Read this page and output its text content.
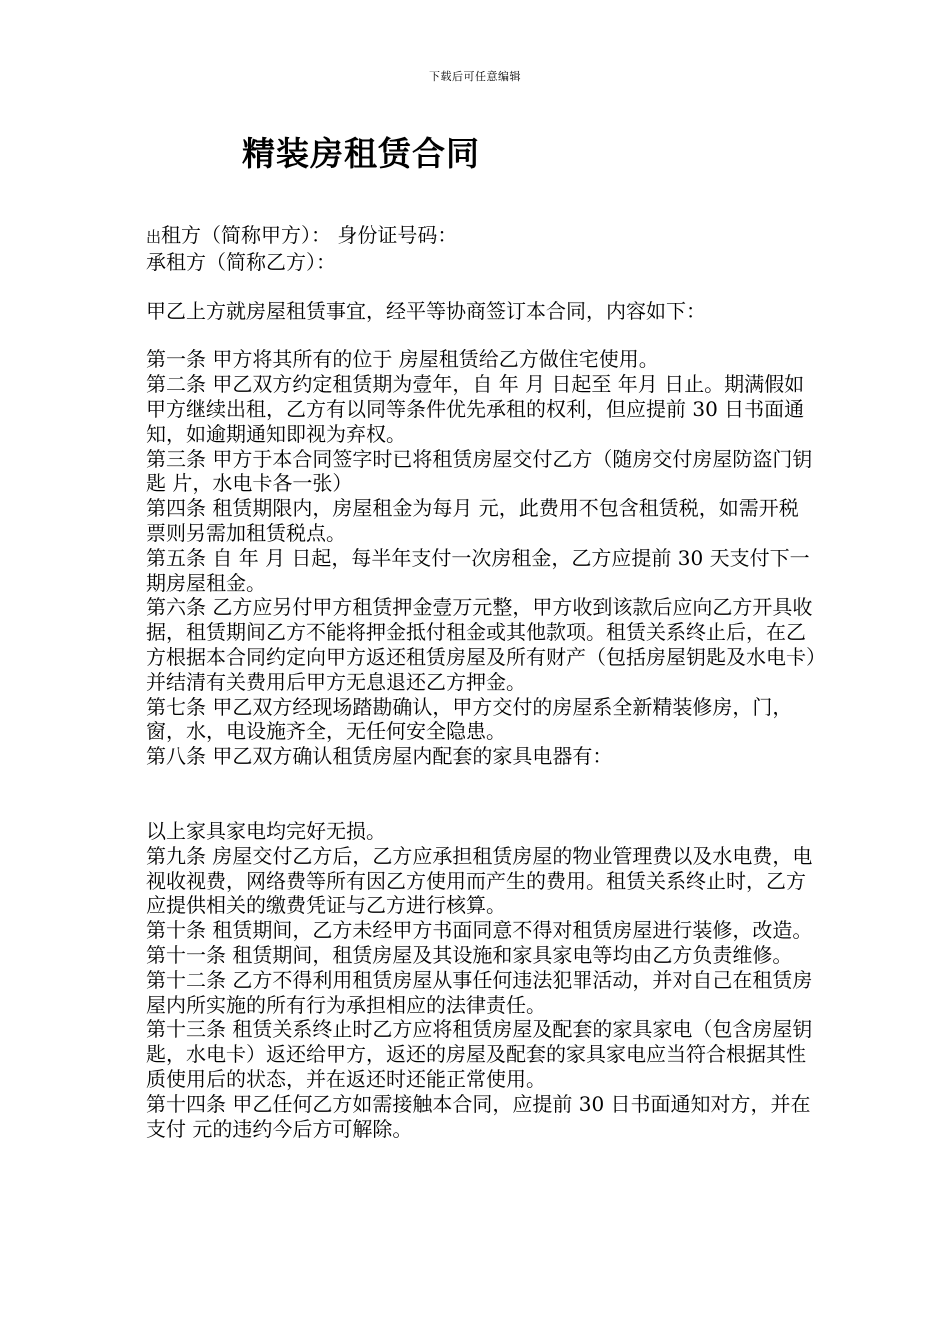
下载后可任意编辑
精装房租赁合同

出租方（简称甲方）： 身份证号码：

承租方（简称乙方）：

甲乙上方就房屋租赁事宜，经平等协商签订本合同，内容如下：

第一条 甲方将其所有的位于 房屋租赁给乙方做住宅使用。

第二条 甲乙双方约定租赁期为壹年，自 年 月 日起至 年月 日止。期满假如甲方继续出租，乙方有以同等条件优先承租的权利，但应提前 30 日书面通知，如逾期通知即视为弃权。

第三条 甲方于本合同签字时已将租赁房屋交付乙方（随房交付房屋防盗门钥匙 片，水电卡各一张）

第四条 租赁期限内，房屋租金为每月 元，此费用不包含租赁税，如需开税票则另需加租赁税点。

第五条 自 年 月 日起，每半年支付一次房租金，乙方应提前 30 天支付下一期房屋租金。

第六条 乙方应另付甲方租赁押金壹万元整，甲方收到该款后应向乙方开具收据，租赁期间乙方不能将押金抵付租金或其他款项。租赁关系终止后，在乙方根据本合同约定向甲方返还租赁房屋及所有财产（包括房屋钥匙及水电卡）并结清有关费用后甲方无息退还乙方押金。

第七条 甲乙双方经现场踏勘确认，甲方交付的房屋系全新精装修房，门，窗，水，电设施齐全，无任何安全隐患。

第八条 甲乙双方确认租赁房屋内配套的家具电器有：

以上家具家电均完好无损。

第九条 房屋交付乙方后，乙方应承担租赁房屋的物业管理费以及水电费，电视收视费，网络费等所有因乙方使用而产生的费用。租赁关系终止时，乙方应提供相关的缴费凭证与乙方进行核算。

第十条 租赁期间，乙方未经甲方书面同意不得对租赁房屋进行装修，改造。

第十一条 租赁期间，租赁房屋及其设施和家具家电等均由乙方负责维修。

第十二条 乙方不得利用租赁房屋从事任何违法犯罪活动，并对自己在租赁房屋内所实施的所有行为承担相应的法律责任。

第十三条 租赁关系终止时乙方应将租赁房屋及配套的家具家电（包含房屋钥匙，水电卡）返还给甲方，返还的房屋及配套的家具家电应当符合根据其性质使用后的状态，并在返还时还能正常使用。

第十四条 甲乙任何乙方如需接触本合同，应提前 30 日书面通知对方，并在支付 元的违约今后方可解除。
